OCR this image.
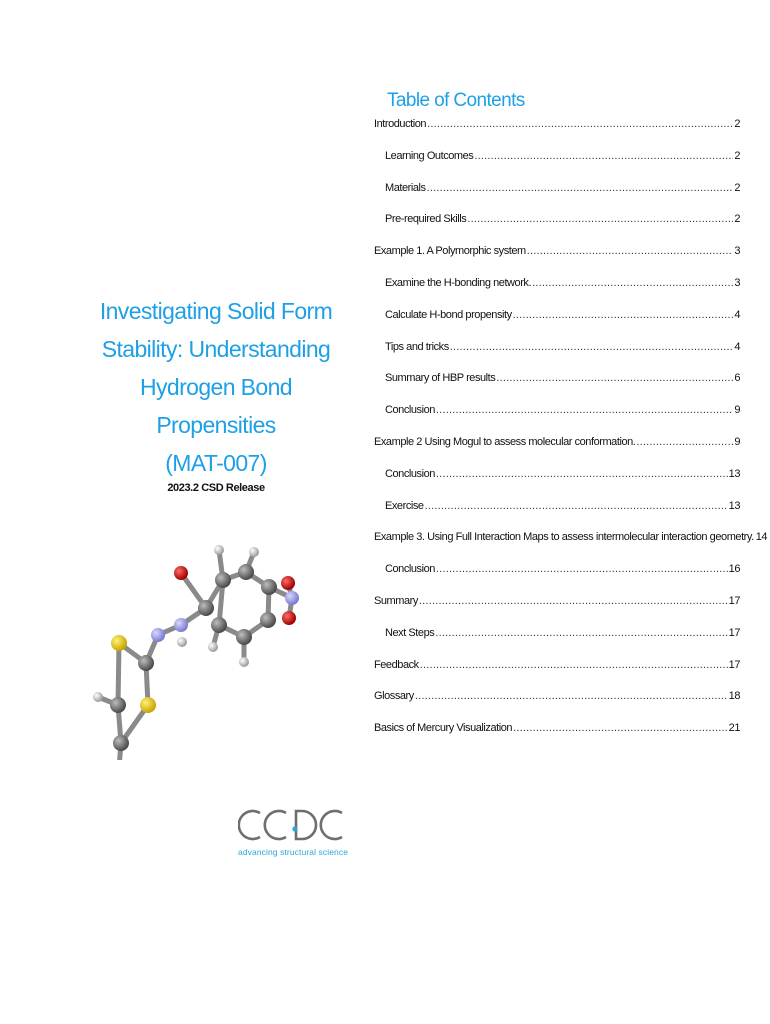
Investigating Solid Form
Stability: Understanding
Hydrogen Bond Propensities
(MAT-007)
2023.2 CSD Release
advancing structural science
Table of Contents
Introduction .....	2
Learning Outcomes .....	2
Materials .....	2
Pre-required Skills .....	2
Example 1. A Polymorphic system .....	3
Examine the H-bonding network. .....	3
Calculate H-bond propensity .....	4
Tips and tricks .....	4
Summary of HBP results .....	6
Conclusion .....	9
Example 2 Using Mogul to assess molecular conformation. .....	9
Conclusion .....	13
Exercise .....	13
Example 3. Using Full Interaction Maps to assess intermolecular interaction geometry. 14
Conclusion .....	16
Summary .....	17
Next Steps .....	17
Feedback .....	17
Glossary .....	18
Basics of Mercury Visualization .....	21
